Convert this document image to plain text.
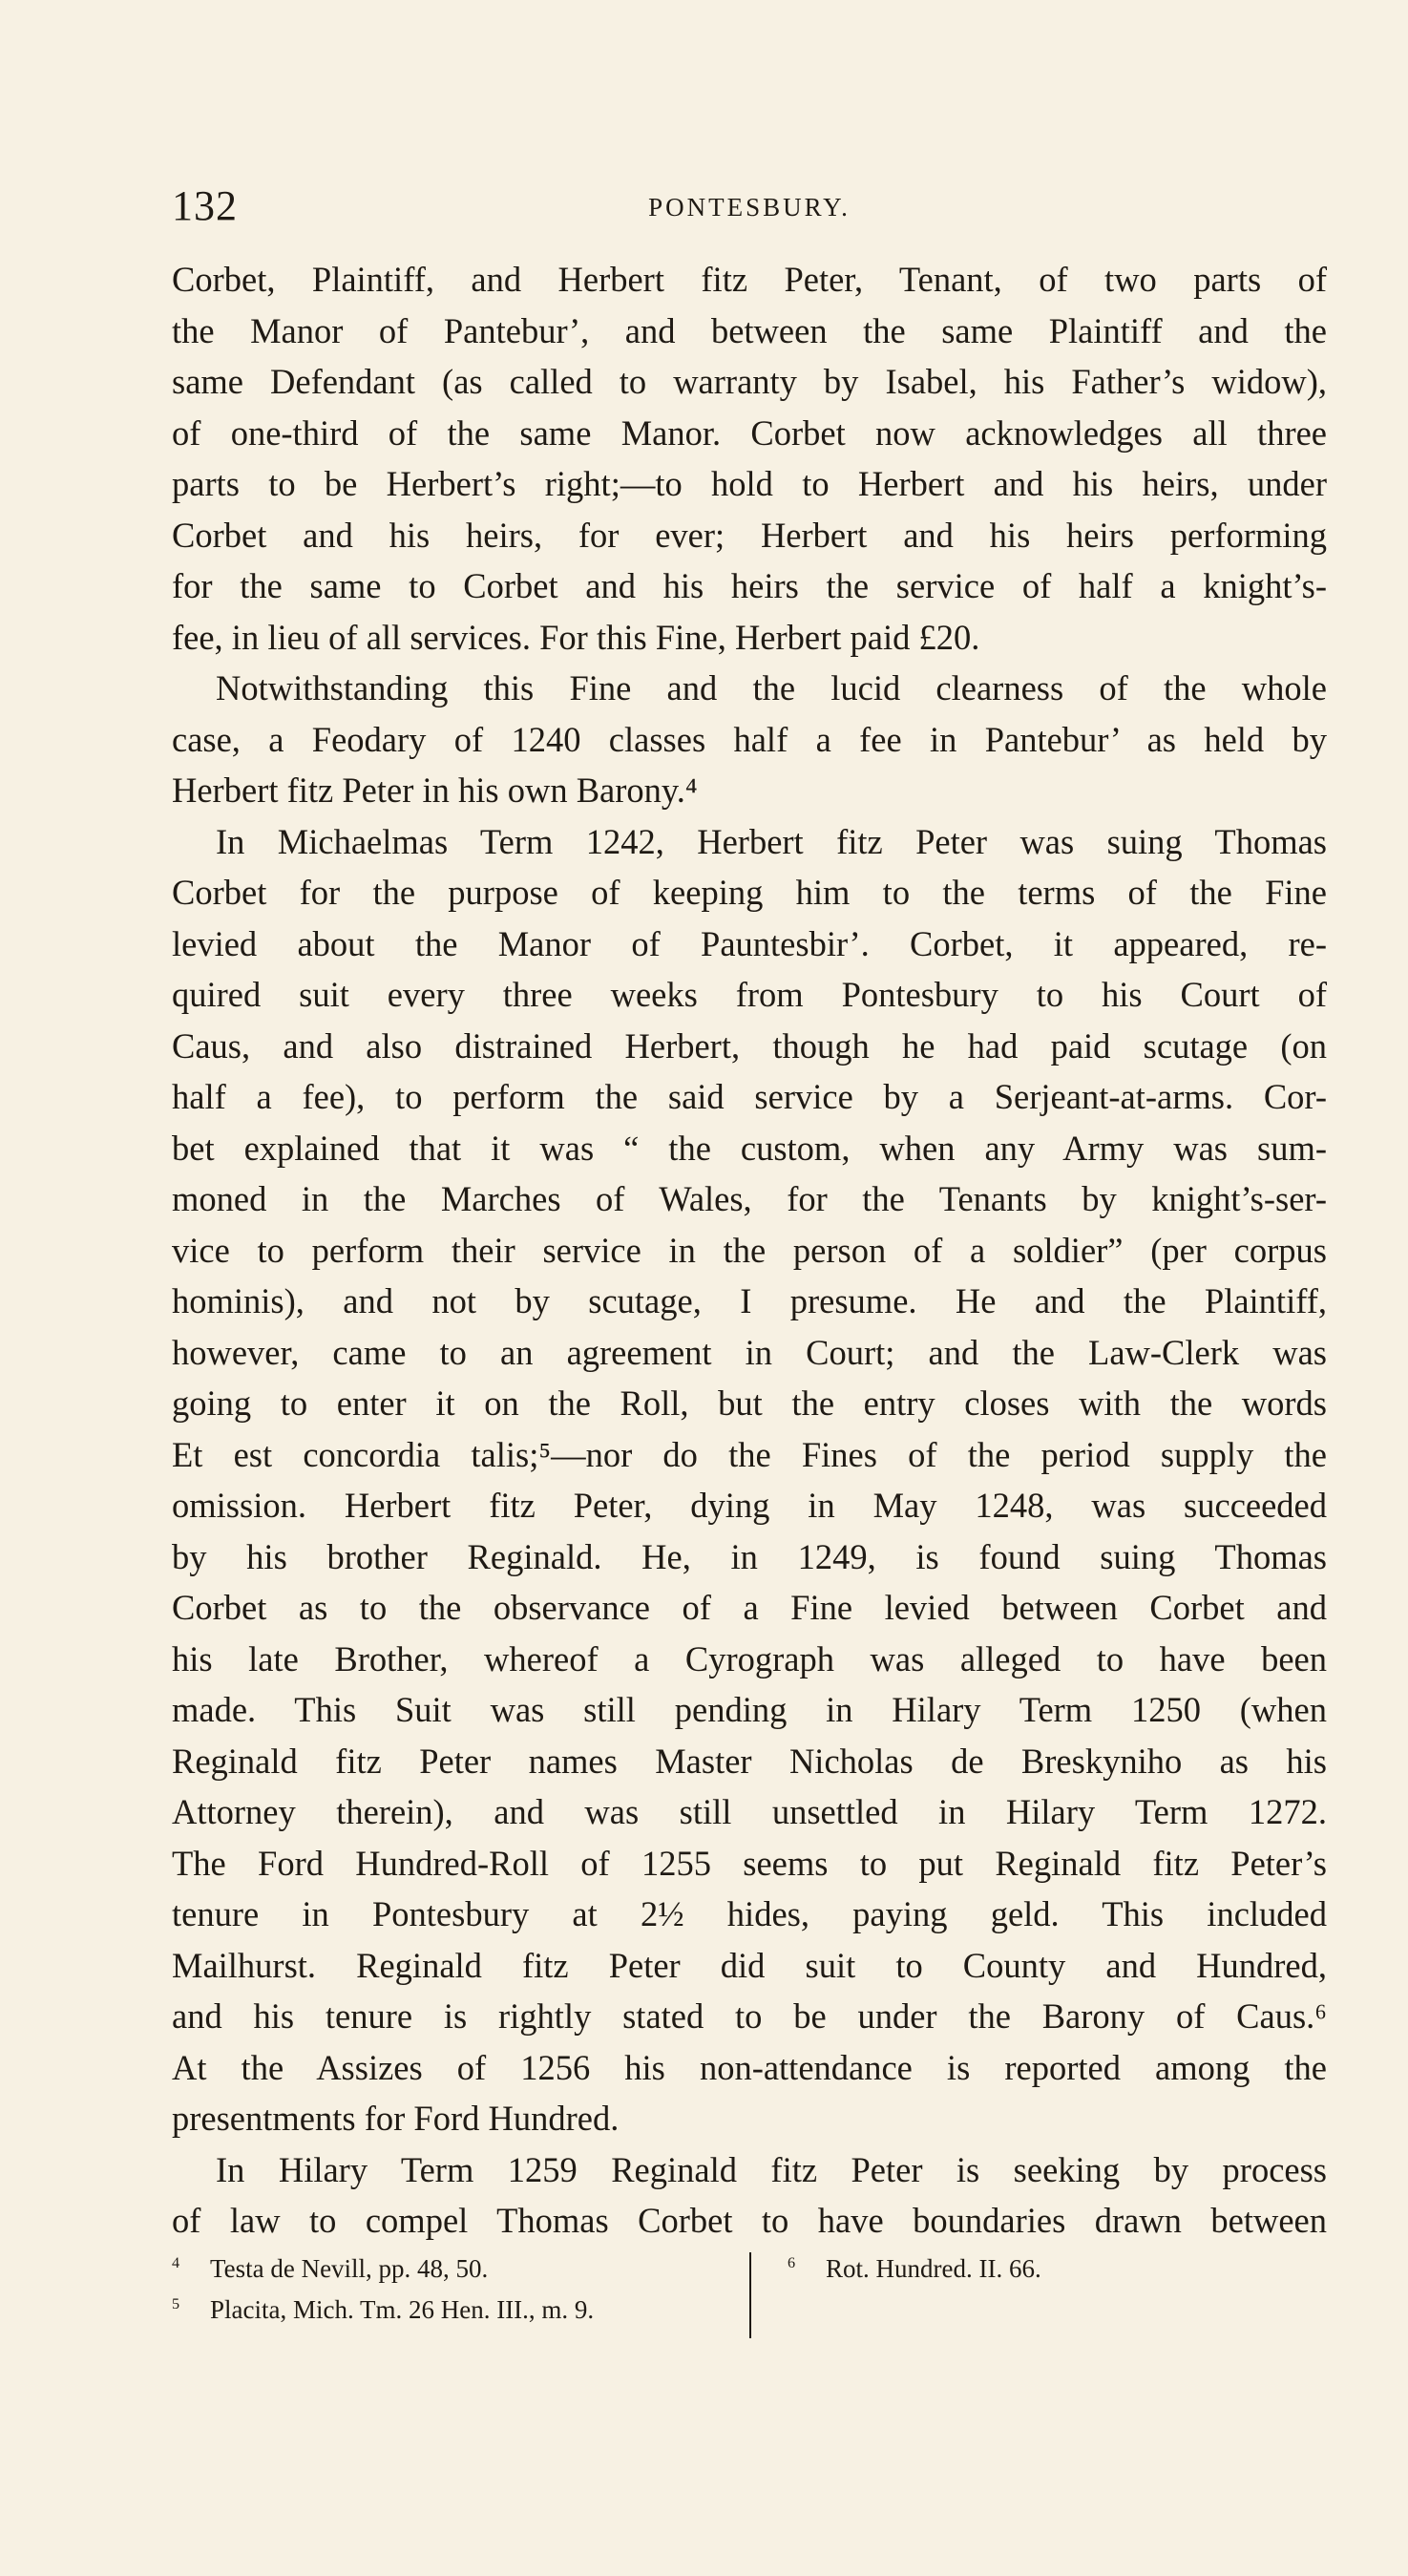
132	PONTESBURY.
Corbet, Plaintiff, and Herbert fitz Peter, Tenant, of two parts of
the Manor of Pantebur’, and between the same Plaintiff and the
same Defendant (as called to warranty by Isabel, his Father’s widow),
of one-third of the same Manor. Corbet now acknowledges all three
parts to be Herbert’s right;—to hold to Herbert and his heirs, under
Corbet and his heirs, for ever; Herbert and his heirs performing
for the same to Corbet and his heirs the service of half a knight’s-
fee, in lieu of all services. For this Fine, Herbert paid £20.
Notwithstanding this Fine and the lucid clearness of the whole
case, a Feodary of 1240 classes half a fee in Pantebur’ as held by
Herbert fitz Peter in his own Barony.⁴
In Michaelmas Term 1242, Herbert fitz Peter was suing Thomas
Corbet for the purpose of keeping him to the terms of the Fine
levied about the Manor of Pauntesbir’. Corbet, it appeared, re-
quired suit every three weeks from Pontesbury to his Court of
Caus, and also distrained Herbert, though he had paid scutage (on
half a fee), to perform the said service by a Serjeant-at-arms. Cor-
bet explained that it was “ the custom, when any Army was sum-
moned in the Marches of Wales, for the Tenants by knight’s-ser-
vice to perform their service in the person of a soldier” (per corpus
hominis), and not by scutage, I presume. He and the Plaintiff,
however, came to an agreement in Court; and the Law-Clerk was
going to enter it on the Roll, but the entry closes with the words
Et est concordia talis;⁵—nor do the Fines of the period supply the
omission. Herbert fitz Peter, dying in May 1248, was succeeded
by his brother Reginald. He, in 1249, is found suing Thomas
Corbet as to the observance of a Fine levied between Corbet and
his late Brother, whereof a Cyrograph was alleged to have been
made. This Suit was still pending in Hilary Term 1250 (when
Reginald fitz Peter names Master Nicholas de Breskyniho as his
Attorney therein), and was still unsettled in Hilary Term 1272.
The Ford Hundred-Roll of 1255 seems to put Reginald fitz Peter’s
tenure in Pontesbury at 2½ hides, paying geld. This included
Mailhurst. Reginald fitz Peter did suit to County and Hundred,
and his tenure is rightly stated to be under the Barony of Caus.⁶
At the Assizes of 1256 his non-attendance is reported among the
presentments for Ford Hundred.
In Hilary Term 1259 Reginald fitz Peter is seeking by process
of law to compel Thomas Corbet to have boundaries drawn between
$^4$ Testa de Nevill, pp. 48, 50.
$^5$ Placita, Mich. Tm. 26 Hen. III., m. 9.
$^6$ Rot. Hundred. II. 66.
